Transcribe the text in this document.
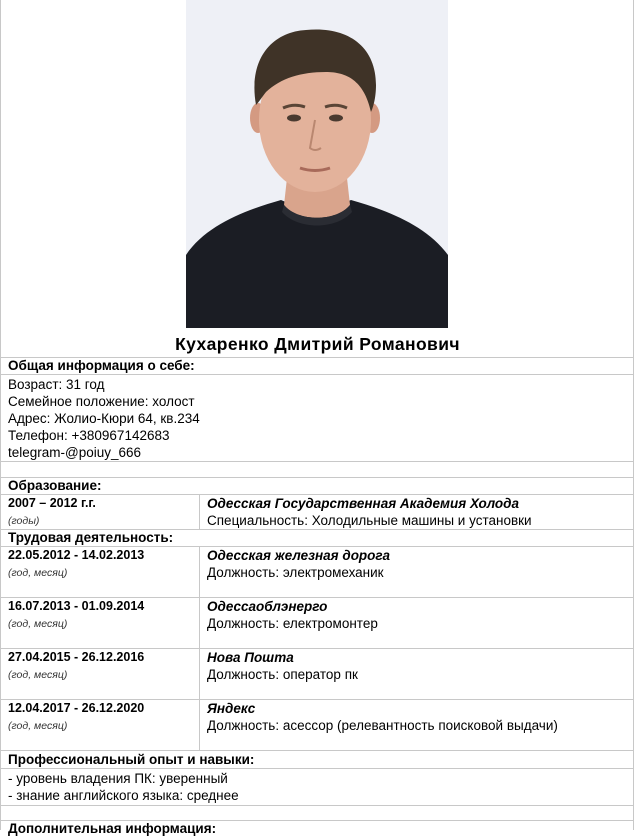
Кухаренко Дмитрий Романович
Общая информация о себе:
Возраст: 31 год
Семейное положение: холост
Адрес: Жолио-Кюри 64, кв.234
Телефон: +380967142683
telegram-@poiuy_666
Образование:
2007 – 2012 г.г.
(годы)
Одесская Государственная Академия Холода
Специальность: Холодильные машины и установки
Трудовая деятельность:
22.05.2012 - 14.02.2013
(год, месяц)
Одесская железная дорога
Должность: электромеханик
16.07.2013 - 01.09.2014
(год, месяц)
Одессаоблэнерго
Должность: електромонтер
27.04.2015 - 26.12.2016
(год, месяц)
Нова Пошта
Должность: оператор пк
12.04.2017 - 26.12.2020
(год, месяц)
Яндекс
Должность: асессор (релевантность поисковой выдачи)
Профессиональный опыт и навыки:
- уровень владения ПК: уверенный
- знание английского языка: среднее
Дополнительная информация:
